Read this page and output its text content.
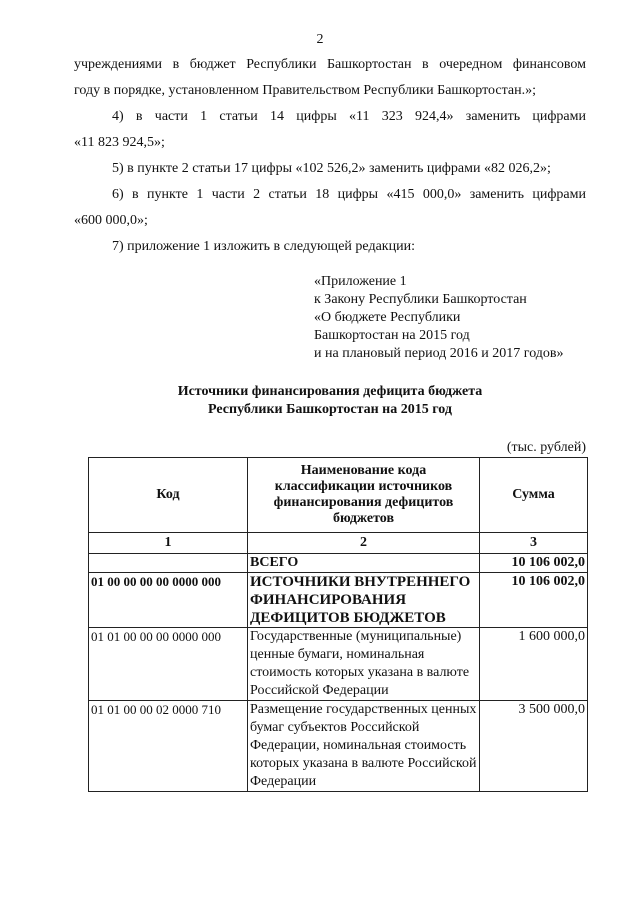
2

учреждениями в бюджет Республики Башкортостан в очередном финансовом

году в порядке, установленном Правительством Республики Башкортостан.»;

4) в части 1 статьи 14 цифры «11 323 924,4» заменить цифрами

«11 823 924,5»;

5) в пункте 2 статьи 17 цифры «102 526,2» заменить цифрами «82 026,2»;

6) в пункте 1 части 2 статьи 18 цифры «415 000,0» заменить цифрами

«600 000,0»;

7) приложение 1 изложить в следующей редакции:

«Приложение 1
к Закону Республики Башкортостан
«О бюджете Республики
Башкортостан на 2015 год
и на плановый период 2016 и 2017 годов»
Источники финансирования дефицита бюджета
Республики Башкортостан на 2015 год
(тыс. рублей)
Код	Наименование кода классификации источников финансирования дефицитов бюджетов	Сумма
1	2	3
	ВСЕГО	10 106 002,0
01 00 00 00 00 0000 000	ИСТОЧНИКИ ВНУТРЕННЕГО ФИНАНСИРОВАНИЯ ДЕФИЦИТОВ БЮДЖЕТОВ	10 106 002,0
01 01 00 00 00 0000 000	Государственные (муниципальные) ценные бумаги, номинальная стоимость которых указана в валюте Российской Федерации	1 600 000,0
01 01 00 00 02 0000 710	Размещение государственных ценных бумаг субъектов Российской Федерации, номинальная стоимость которых указана в валюте Российской Федерации	3 500 000,0
